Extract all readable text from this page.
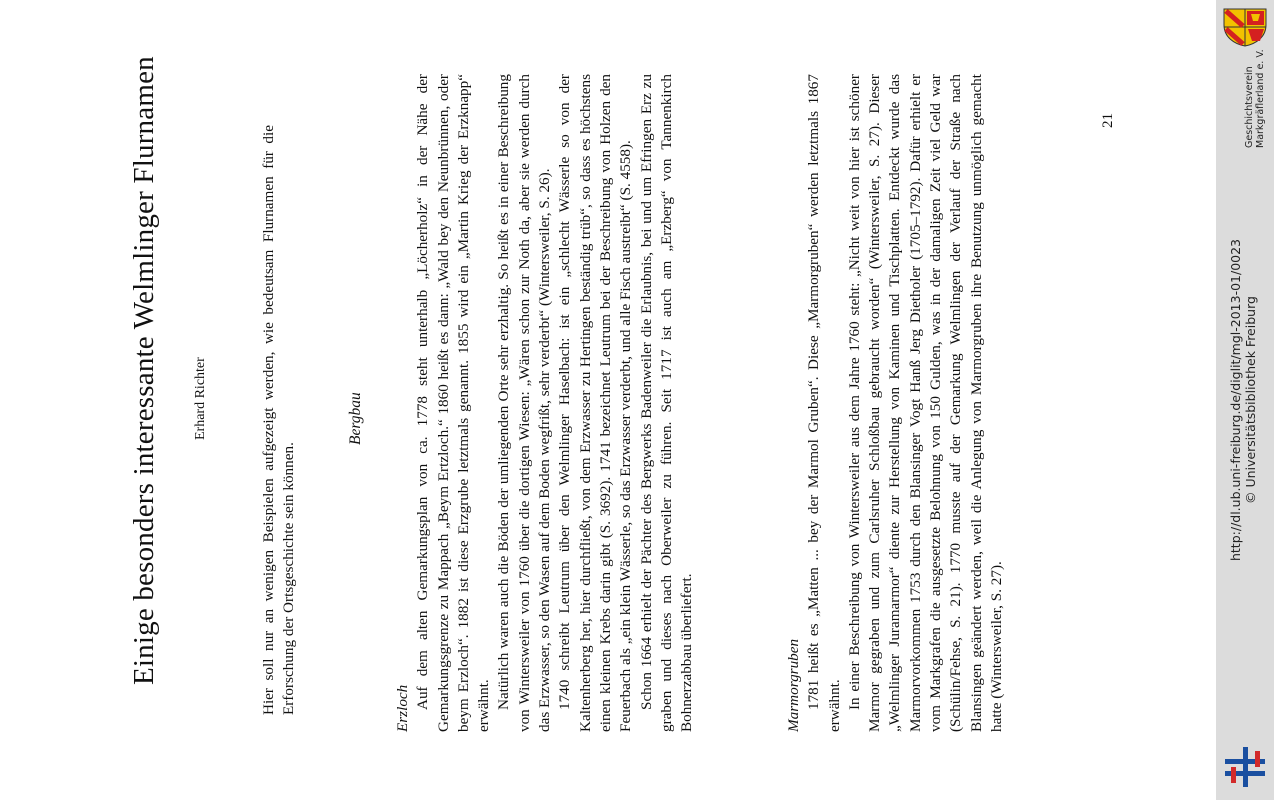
Einige besonders interessante Welmlinger Flurnamen Erhard Richter	Hier soll nur an wenigen Beispielen aufgezeigt werden, wie bedeutsam Flurnamen für die Erforschung der Ortsgeschichte sein können.
Bergbau
Erzloch Auf dem alten Gemarkungsplan von ca. 1778 steht unterhalb „Löcherholz“ in der Nähe der Gemarkungsgrenze zu Mappach „Beym Ertzloch.“ 1860 heißt es dann: „Wald bey den Neunbrünnen, oder beym Erzloch“. 1882 ist diese Erzgrube letztmals genannt. 1855 wird ein „Martin Krieg der Erzknapp“ erwähnt. Natürlich waren auch die Böden der umliegenden Orte sehr erzhaltig. So heißt es in einer Beschreibung von Wintersweiler von 1760 über die dortigen Wiesen: „Wären schon zur Noth da, aber sie werden durch das Erzwasser, so den Wasen auf dem Boden wegfrißt, sehr verderbt“ (Wintersweiler, S. 26). 1740 schreibt Leutrum über den Welmlinger Haselbach: ist ein „schlecht Wässerle so von der Kaltenherberg her, hier durchfließt, von dem Erzwasser zu Hertingen beständig trüb“, so dass es höchstens einen kleinen Krebs darin gibt (S. 3692). 1741 bezeichnet Leutrum bei der Beschreibung von Holzen den Feuerbach als „ein klein Wässerle, so das Erzwasser verderbt, und alle Fisch austreibt“ (S. 4558). Schon 1664 erhielt der Pächter des Bergwerks Badenweiler die Erlaubnis, bei und um Efringen Erz zu graben und dieses nach Oberweiler zu führen. Seit 1717 ist auch am „Erzberg“ von Tannenkirch Bohnerzabbau überliefert.	Marmorgruben 1781 heißt es „Matten ... bey der Marmol Gruben“. Diese „Marmorgruben“ werden letztmals 1867 erwähnt. In einer Beschreibung von Wintersweiler aus dem Jahre 1760 steht: „Nicht weit von hier ist schöner Marmor gegraben und zum Carlsruher Schloßbau gebraucht worden“ (Wintersweiler, S. 27). Dieser „Welmlinger Juramarmor“ diente zur Herstellung von Kaminen und Tischplatten. Entdeckt wurde das Marmorvorkommen 1753 durch den Blansinger Vogt Hanß Jerg Dietholer (1705–1792). Dafür erhielt er vom Markgrafen die ausgesetzte Belohnung von 150 Gulden, was in der damaligen Zeit viel Geld war (Schülin/Fehse, S. 21). 1770 musste auf der Gemarkung Welmlingen der Verlauf der Straße nach Blansingen geändert werden, weil die Anlegung von Marmorgruben ihre Benutzung unmöglich gemacht hatte (Wintersweiler, S. 27).

21
http://dl.ub.uni-freiburg.de/diglit/mgl-2013-01/0023 © Universitätsbibliothek Freiburg
Geschichtsverein Markgräflerland e. V.
